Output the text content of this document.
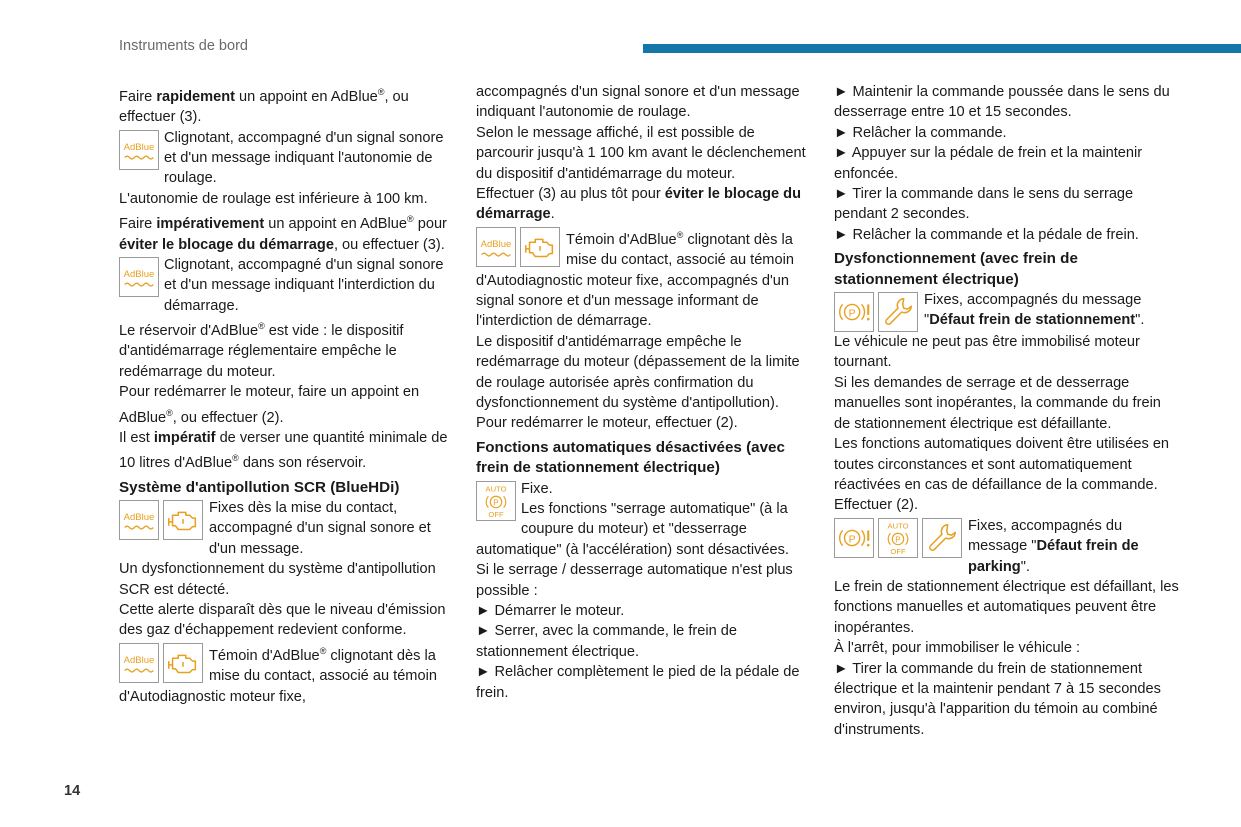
Instruments de bord

Faire rapidement un appoint en AdBlue®, ou effectuer (3).

AdBlue
Clignotant, accompagné d'un signal sonore et d'un message indiquant l'autonomie de roulage.

L'autonomie de roulage est inférieure à 100 km.

Faire impérativement un appoint en AdBlue® pour éviter le blocage du démarrage, ou effectuer (3).

AdBlue
Clignotant, accompagné d'un signal sonore et d'un message indiquant l'interdiction du démarrage.

Le réservoir d'AdBlue® est vide : le dispositif d'antidémarrage réglementaire empêche le redémarrage du moteur.

Pour redémarrer le moteur, faire un appoint en AdBlue®, ou effectuer (2).

Il est impératif de verser une quantité minimale de 10 litres d'AdBlue® dans son réservoir.

Système d'antipollution SCR (BlueHDi)

AdBlue
Fixes dès la mise du contact, accompagné d'un signal sonore et d'un message.

Un dysfonctionnement du système d'antipollution SCR est détecté.

Cette alerte disparaît dès que le niveau d'émission des gaz d'échappement redevient conforme.

AdBlue	Témoin d'AdBlue® clignotant dès la mise du contact, associé au témoin d'Autodiagnostic moteur fixe,

accompagnés d'un signal sonore et d'un message indiquant l'autonomie de roulage.

Selon le message affiché, il est possible de parcourir jusqu'à 1 100 km avant le déclenchement du dispositif d'antidémarrage du moteur.

Effectuer (3) au plus tôt pour éviter le blocage du démarrage.

AdBlue	Témoin d'AdBlue® clignotant dès la mise du contact, associé au témoin d'Autodiagnostic moteur fixe, accompagnés d'un signal sonore et d'un message informant de l'interdiction de démarrage.

Le dispositif d'antidémarrage empêche le redémarrage du moteur (dépassement de la limite de roulage autorisée après confirmation du dysfonctionnement du système d'antipollution).

Pour redémarrer le moteur, effectuer (2).

Fonctions automatiques désactivées (avec frein de stationnement électrique)

AUTO
P
OFF
Fixe.
Les fonctions "serrage automatique" (à la coupure du moteur) et "desserrage automatique" (à l'accélération) sont désactivées.

Si le serrage / desserrage automatique n'est plus possible :

► Démarrer le moteur.

► Serrer, avec la commande, le frein de stationnement électrique.

► Relâcher complètement le pied de la pédale de frein.

► Maintenir la commande poussée dans le sens du desserrage entre 10 et 15 secondes.

► Relâcher la commande.

► Appuyer sur la pédale de frein et la maintenir enfoncée.

► Tirer la commande dans le sens du serrage pendant 2 secondes.

► Relâcher la commande et la pédale de frein.

Dysfonctionnement (avec frein de stationnement électrique)

P
Fixes, accompagnés du message "Défaut frein de stationnement".

Le véhicule ne peut pas être immobilisé moteur tournant.

Si les demandes de serrage et de desserrage manuelles sont inopérantes, la commande du frein de stationnement électrique est défaillante.

Les fonctions automatiques doivent être utilisées en toutes circonstances et sont automatiquement réactivées en cas de défaillance de la commande.

Effectuer (2).

P
AUTO
P
OFF
Fixes, accompagnés du message "Défaut frein de parking".

Le frein de stationnement électrique est défaillant, les fonctions manuelles et automatiques peuvent être inopérantes.

À l'arrêt, pour immobiliser le véhicule :

► Tirer la commande du frein de stationnement électrique et la maintenir pendant 7 à 15 secondes environ, jusqu'à l'apparition du témoin au combiné d'instruments.

14
